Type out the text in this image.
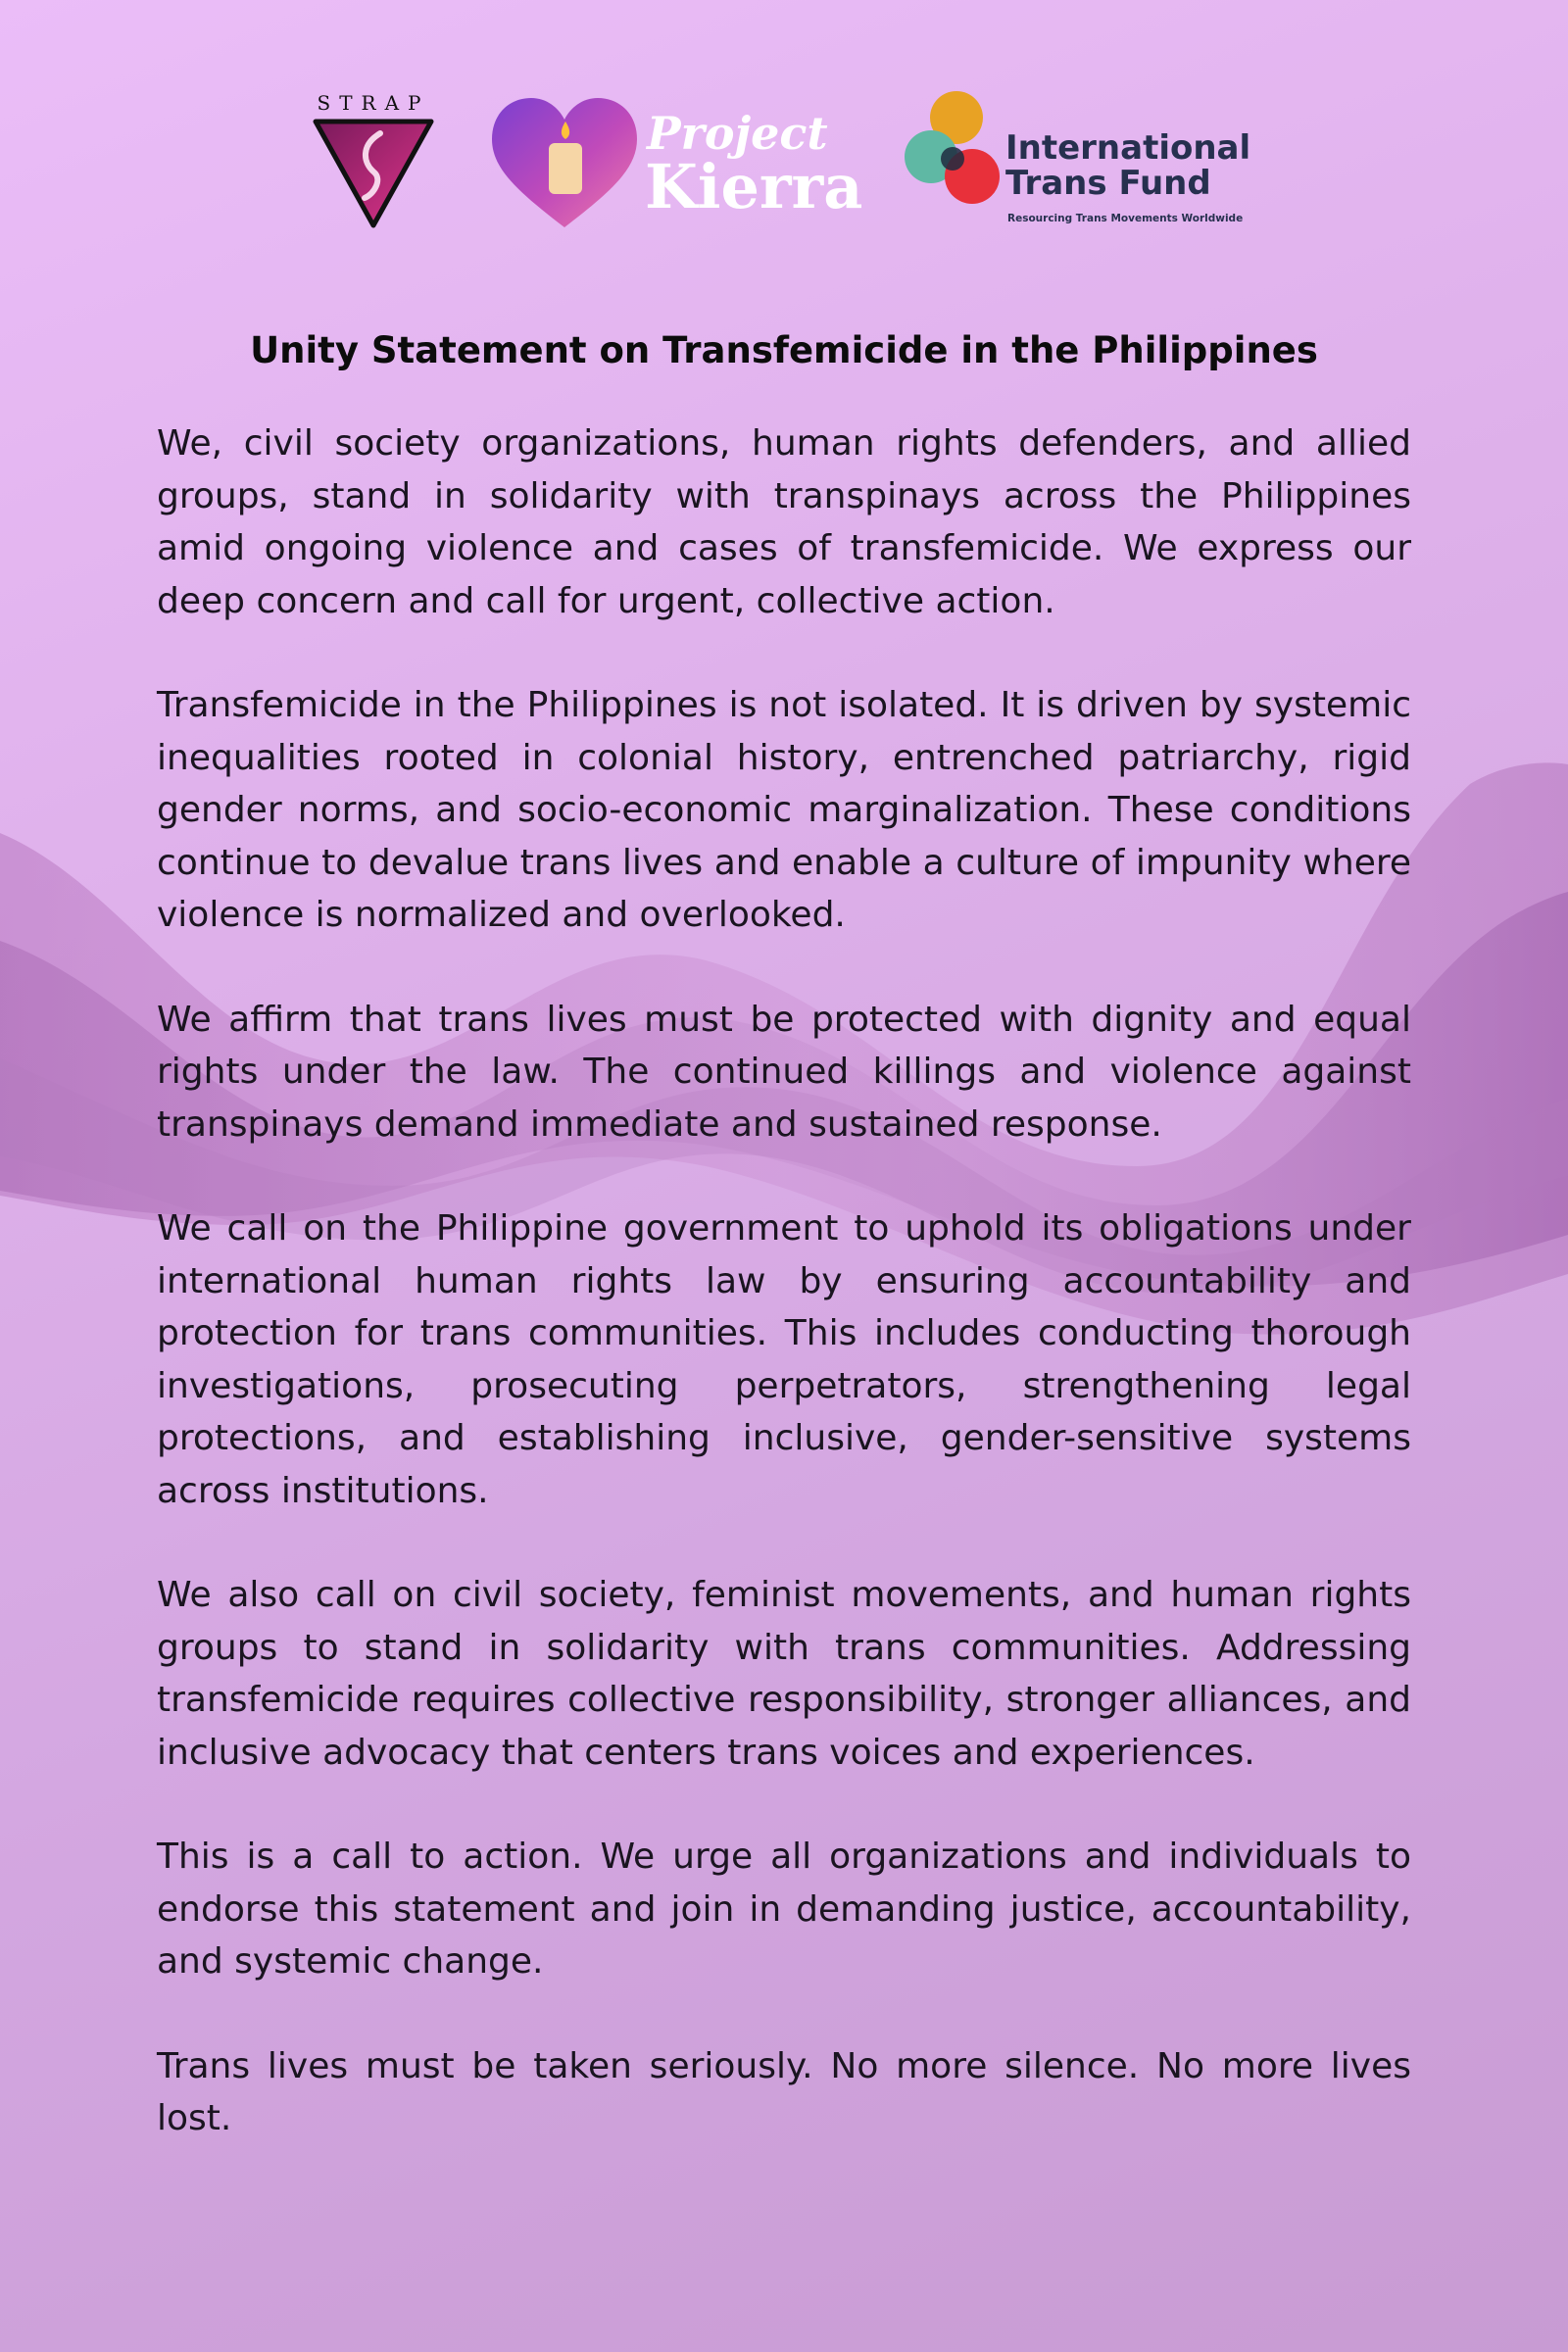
STRAP
Project
Kierra
International
Trans Fund
Resourcing Trans Movements Worldwide
Unity Statement on Transfemicide in the Philippines

We, civil society organizations, human rights defenders, and allied groups, stand in solidarity with transpinays across the Philippines amid ongoing violence and cases of transfemicide. We express our deep concern and call for urgent, collective action.

Transfemicide in the Philippines is not isolated. It is driven by systemic inequalities rooted in colonial history, entrenched patriarchy, rigid gender norms, and socio-economic marginalization. These conditions continue to devalue trans lives and enable a culture of impunity where violence is normalized and overlooked.

We affirm that trans lives must be protected with dignity and equal rights under the law. The continued killings and violence against transpinays demand immediate and sustained response.

We call on the Philippine government to uphold its obligations under international human rights law by ensuring accountability and protection for trans communities. This includes conducting thorough investigations, prosecuting perpetrators, strengthening legal protections, and establishing inclusive, gender-sensitive systems across institutions.

We also call on civil society, feminist movements, and human rights groups to stand in solidarity with trans communities. Addressing transfemicide requires collective responsibility, stronger alliances, and inclusive advocacy that centers trans voices and experiences.

This is a call to action. We urge all organizations and individuals to endorse this statement and join in demanding justice, accountability, and systemic change.

Trans lives must be taken seriously. No more silence. No more lives lost.
